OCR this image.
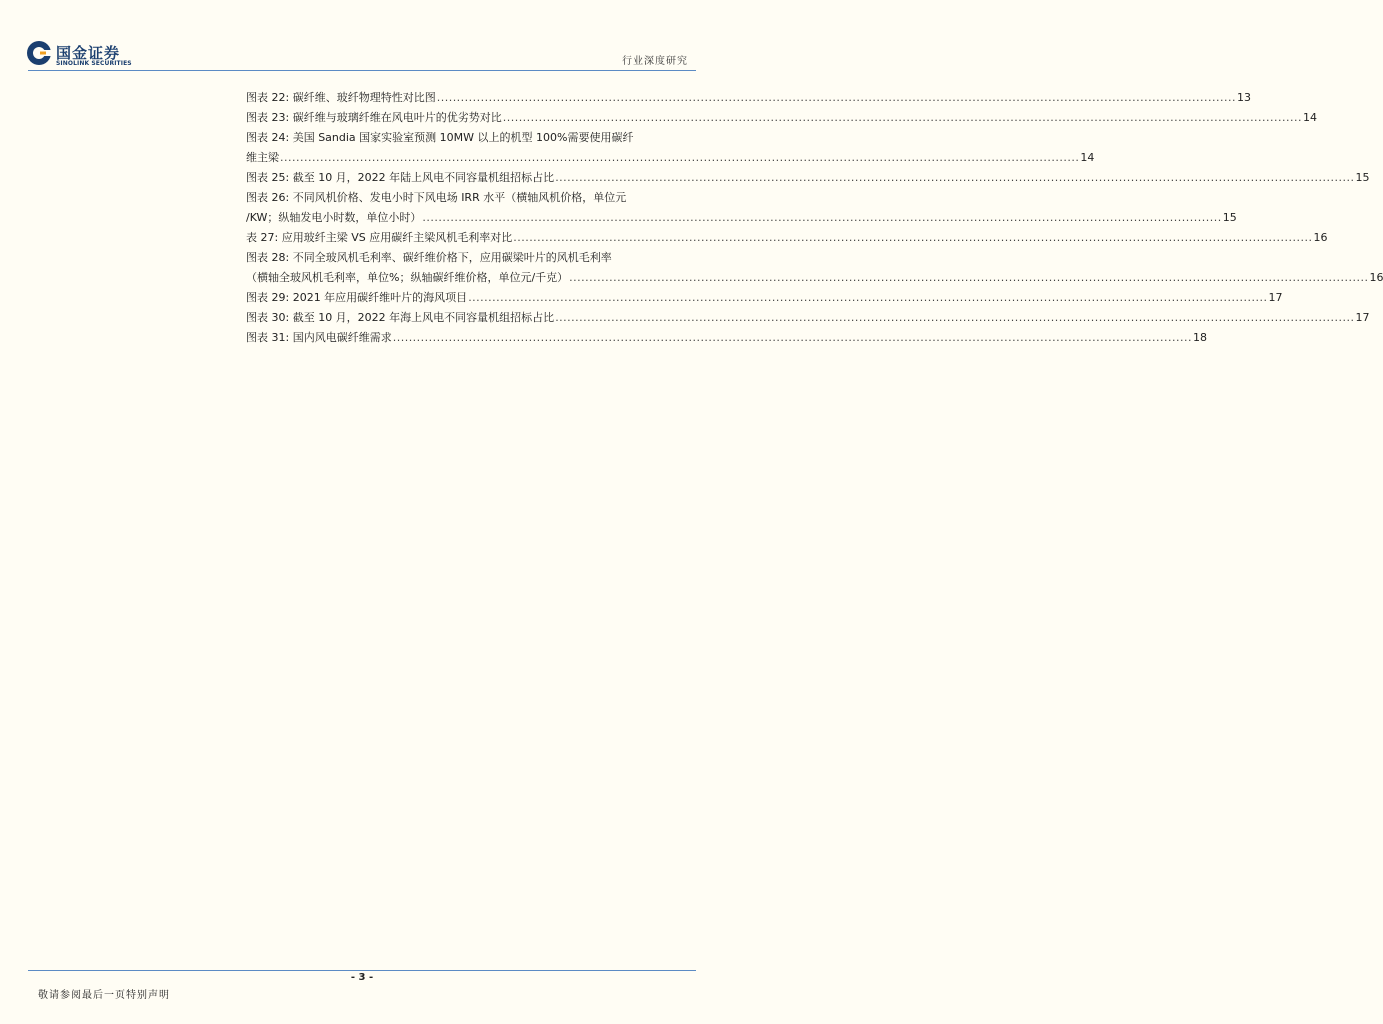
国金证券
SINOLINK SECURITIES	行业深度研究
图表 22: 碳纤维、玻纤物理特性对比图 ........................................................................................................................................................................................................ 13
图表 23: 碳纤维与玻璃纤维在风电叶片的优劣势对比 ........................................................................................................................................................................................................ 14
图表 24: 美国 Sandia 国家实验室预测 10MW 以上的机型 100%需要使用碳纤
维主梁 ........................................................................................................................................................................................................ 14
图表 25: 截至 10 月，2022 年陆上风电不同容量机组招标占比 ........................................................................................................................................................................................................ 15
图表 26: 不同风机价格、发电小时下风电场 IRR 水平（横轴风机价格，单位元
/KW；纵轴发电小时数，单位小时） ........................................................................................................................................................................................................ 15
表 27: 应用玻纤主梁 VS 应用碳纤主梁风机毛利率对比 ........................................................................................................................................................................................................ 16
图表 28: 不同全玻风机毛利率、碳纤维价格下，应用碳梁叶片的风机毛利率
（横轴全玻风机毛利率，单位%；纵轴碳纤维价格，单位元/千克） ........................................................................................................................................................................................................ 16
图表 29: 2021 年应用碳纤维叶片的海风项目 ........................................................................................................................................................................................................ 17
图表 30: 截至 10 月，2022 年海上风电不同容量机组招标占比 ........................................................................................................................................................................................................ 17
图表 31: 国内风电碳纤维需求 ........................................................................................................................................................................................................ 18
- 3 -
敬请参阅最后一页特别声明
